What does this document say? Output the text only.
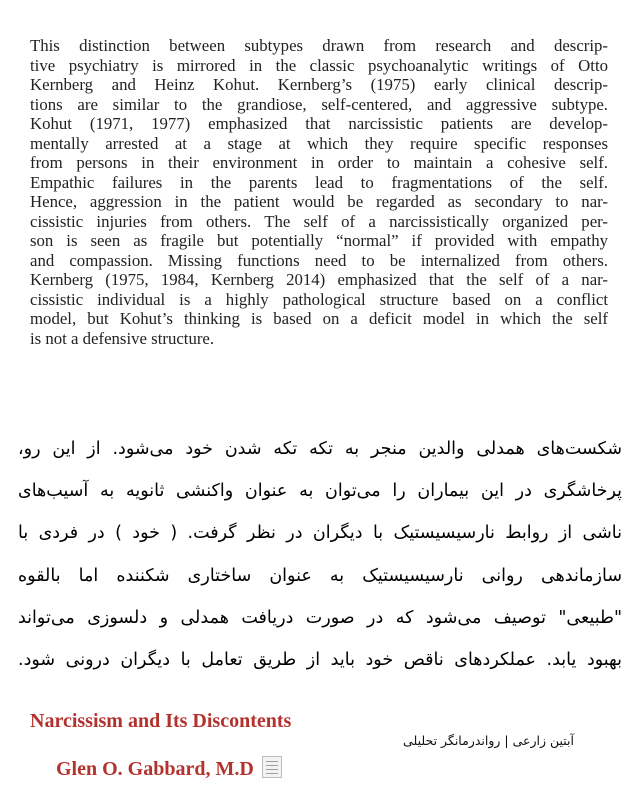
This distinction between subtypes drawn from research and descrip-
tive psychiatry is mirrored in the classic psychoanalytic writings of Otto
Kernberg and Heinz Kohut. Kernberg’s (1975) early clinical descrip-
tions are similar to the grandiose, self-centered, and aggressive subtype.
Kohut (1971, 1977) emphasized that narcissistic patients are develop-
mentally arrested at a stage at which they require specific responses
from persons in their environment in order to maintain a cohesive self.
Empathic failures in the parents lead to fragmentations of the self.
Hence, aggression in the patient would be regarded as secondary to nar-
cissistic injuries from others. The self of a narcissistically organized per-
son is seen as fragile but potentially “normal” if provided with empathy
and compassion. Missing functions need to be internalized from others.
Kernberg (1975, 1984, Kernberg 2014) emphasized that the self of a nar-
cissistic individual is a highly pathological structure based on a conflict
model, but Kohut’s thinking is based on a deficit model in which the self
is not a defensive structure.
شکست‌های همدلی والدین منجر به تکه تکه شدن خود می‌شود. از این رو،
پرخاشگری در این بیماران را می‌توان به عنوان واکنشی ثانویه به آسیب‌های
ناشی از روابط نارسیسیستیک با دیگران در نظر گرفت. ( خود ) در فردی با
سازماندهی روانی نارسیسیستیک به عنوان ساختاری شکننده اما بالقوه
"طبیعی" توصیف می‌شود که در صورت دریافت همدلی و دلسوزی می‌تواند
بهبود یابد. عملکردهای ناقص خود باید از طریق تعامل با دیگران درونی شود.
Narcissism and Its Discontents
Glen O. Gabbard, M.D
آبتین زارعی | رواندرمانگر تحلیلی
